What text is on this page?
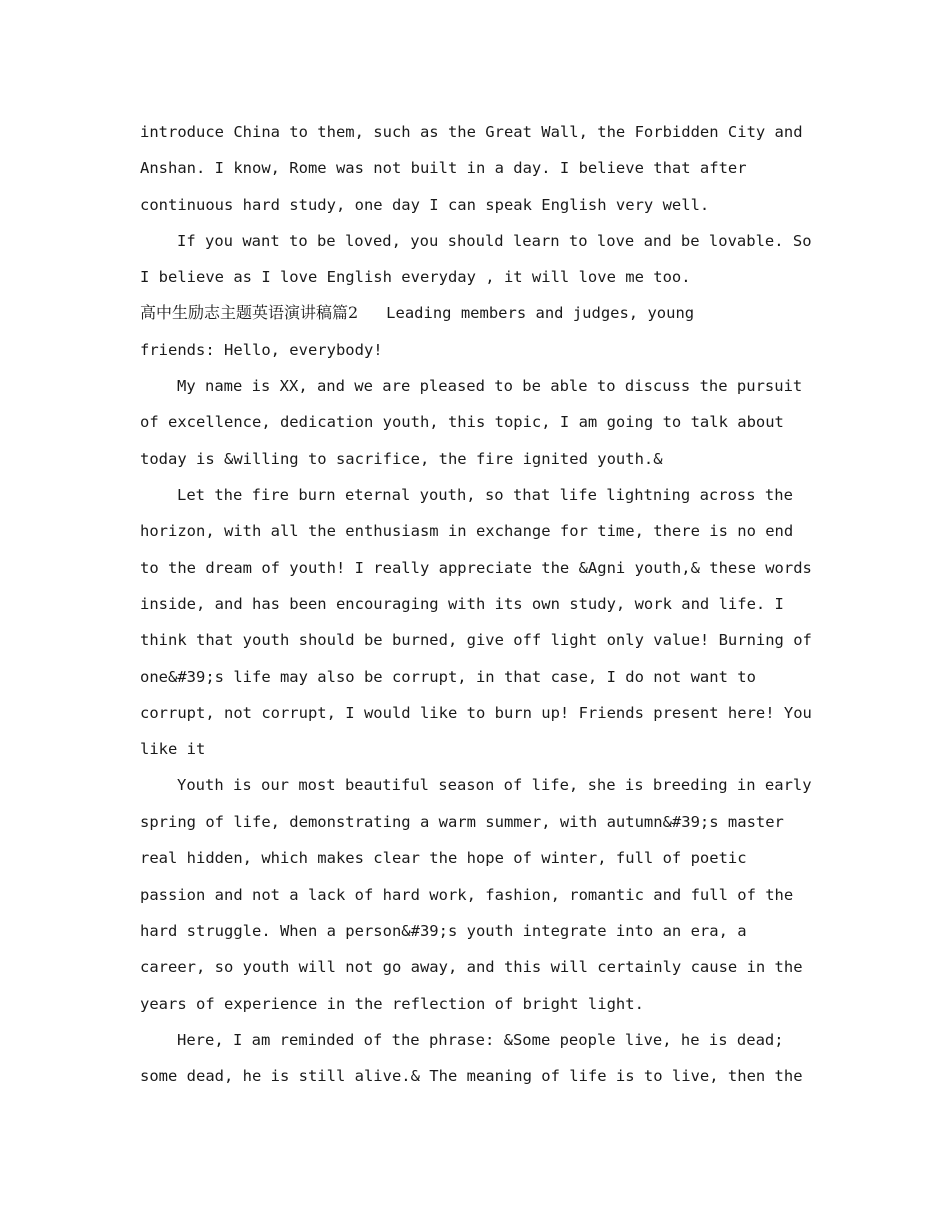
introduce China to them, such as the Great Wall, the Forbidden City and
Anshan. I know, Rome was not built in a day. I believe that after
continuous hard study, one day I can speak English very well.
If you want to be loved, you should learn to love and be lovable. So
I believe as I love English everyday , it will love me too.
高中生励志主题英语演讲稿篇2   Leading members and judges, young
friends: Hello, everybody!
My name is XX, and we are pleased to be able to discuss the pursuit
of excellence, dedication youth, this topic, I am going to talk about
today is &willing to sacrifice, the fire ignited youth.&
Let the fire burn eternal youth, so that life lightning across the
horizon, with all the enthusiasm in exchange for time, there is no end
to the dream of youth! I really appreciate the &Agni youth,& these words
inside, and has been encouraging with its own study, work and life. I
think that youth should be burned, give off light only value! Burning of
one&#39;s life may also be corrupt, in that case, I do not want to
corrupt, not corrupt, I would like to burn up! Friends present here! You
like it
Youth is our most beautiful season of life, she is breeding in early
spring of life, demonstrating a warm summer, with autumn&#39;s master
real hidden, which makes clear the hope of winter, full of poetic
passion and not a lack of hard work, fashion, romantic and full of the
hard struggle. When a person&#39;s youth integrate into an era, a
career, so youth will not go away, and this will certainly cause in the
years of experience in the reflection of bright light.
Here, I am reminded of the phrase: &Some people live, he is dead;
some dead, he is still alive.& The meaning of life is to live, then the
